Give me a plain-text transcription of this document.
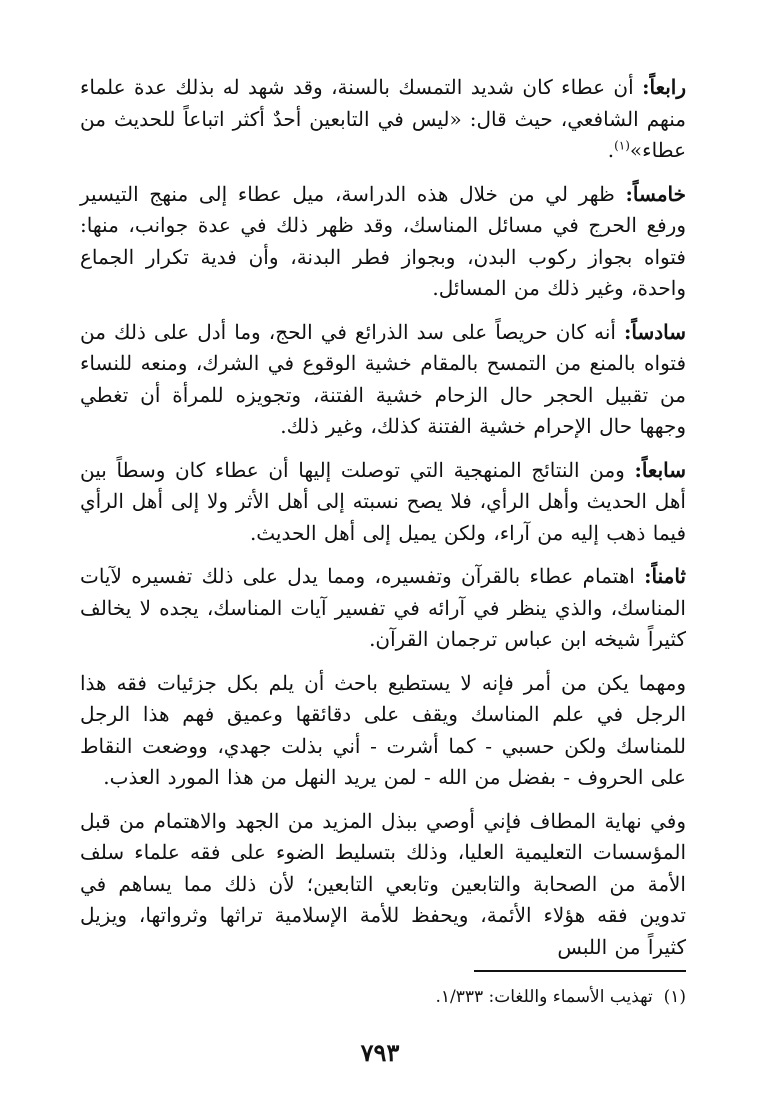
رابعاً: أن عطاء كان شديد التمسك بالسنة، وقد شهد له بذلك عدة علماء منهم الشافعي، حيث قال: «ليس في التابعين أحدٌ أكثر اتباعاً للحديث من عطاء»$^{(١)}$.

خامساً: ظهر لي من خلال هذه الدراسة، ميل عطاء إلى منهج التيسير ورفع الحرج في مسائل المناسك، وقد ظهر ذلك في عدة جوانب، منها: فتواه بجواز ركوب البدن، وبجواز فطر البدنة، وأن فدية تكرار الجماع واحدة، وغير ذلك من المسائل.

سادساً: أنه كان حريصاً على سد الذرائع في الحج، وما أدل على ذلك من فتواه بالمنع من التمسح بالمقام خشية الوقوع في الشرك، ومنعه للنساء من تقبيل الحجر حال الزحام خشية الفتنة، وتجويزه للمرأة أن تغطي وجهها حال الإحرام خشية الفتنة كذلك، وغير ذلك.

سابعاً: ومن النتائج المنهجية التي توصلت إليها أن عطاء كان وسطاً بين أهل الحديث وأهل الرأي، فلا يصح نسبته إلى أهل الأثر ولا إلى أهل الرأي فيما ذهب إليه من آراء، ولكن يميل إلى أهل الحديث.

ثامناً: اهتمام عطاء بالقرآن وتفسيره، ومما يدل على ذلك تفسيره لآيات المناسك، والذي ينظر في آرائه في تفسير آيات المناسك، يجده لا يخالف كثيراً شيخه ابن عباس ترجمان القرآن.

ومهما يكن من أمر فإنه لا يستطيع باحث أن يلم بكل جزئيات فقه هذا الرجل في علم المناسك ويقف على دقائقها وعميق فهم هذا الرجل للمناسك ولكن حسبي - كما أشرت - أني بذلت جهدي، ووضعت النقاط على الحروف - بفضل من الله - لمن يريد النهل من هذا المورد العذب.

وفي نهاية المطاف فإني أوصي ببذل المزيد من الجهد والاهتمام من قبل المؤسسات التعليمية العليا، وذلك بتسليط الضوء على فقه علماء سلف الأمة من الصحابة والتابعين وتابعي التابعين؛ لأن ذلك مما يساهم في تدوين فقه هؤلاء الأئمة، ويحفظ للأمة الإسلامية تراثها وثرواتها، ويزيل كثيراً من اللبس

(١)  تهذيب الأسماء واللغات: ١/٣٣٣.

٧٩٣
